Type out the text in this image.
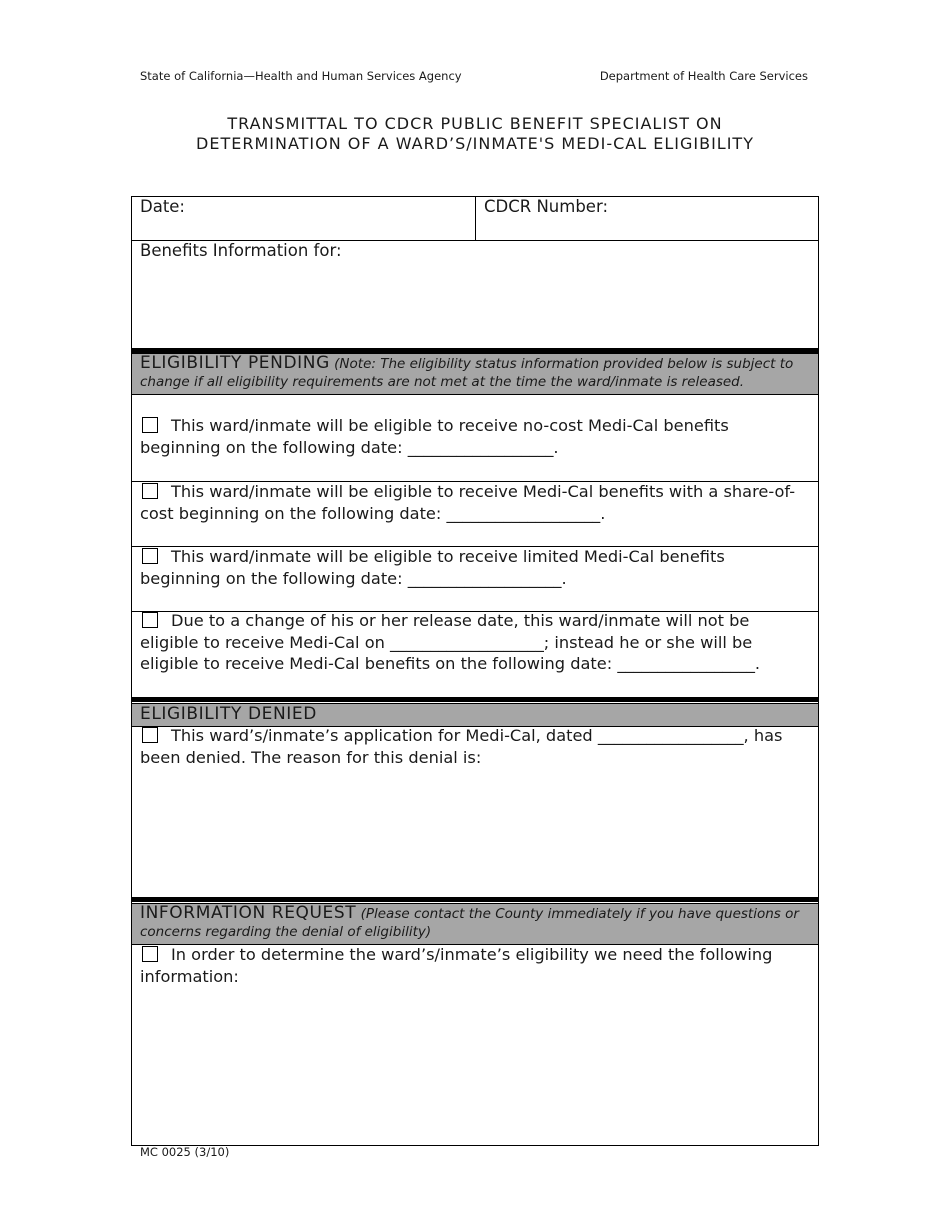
State of California—Health and Human Services Agency	Department of Health Care Services
TRANSMITTAL TO CDCR PUBLIC BENEFIT SPECIALIST ON
DETERMINATION OF A WARD’S/INMATE'S MEDI-CAL ELIGIBILITY
Date:	CDCR Number:
Benefits Information for:
ELIGIBILITY PENDING (Note: The eligibility status information provided below is subject to change if all eligibility requirements are not met at the time the ward/inmate is released.
This ward/inmate will be eligible to receive no-cost Medi-Cal benefits beginning on the following date: __________________.
This ward/inmate will be eligible to receive Medi-Cal benefits with a share-of-cost beginning on the following date: ___________________.
This ward/inmate will be eligible to receive limited Medi-Cal benefits beginning on the following date: ___________________.
Due to a change of his or her release date, this ward/inmate will not be eligible to receive Medi-Cal on ___________________; instead he or she will be eligible to receive Medi-Cal benefits on the following date: _________________.
ELIGIBILITY DENIED
This ward’s/inmate’s application for Medi-Cal, dated __________________, has been denied. The reason for this denial is:
INFORMATION REQUEST (Please contact the County immediately if you have questions or concerns regarding the denial of eligibility)
In order to determine the ward’s/inmate’s eligibility we need the following information:
MC 0025 (3/10)
